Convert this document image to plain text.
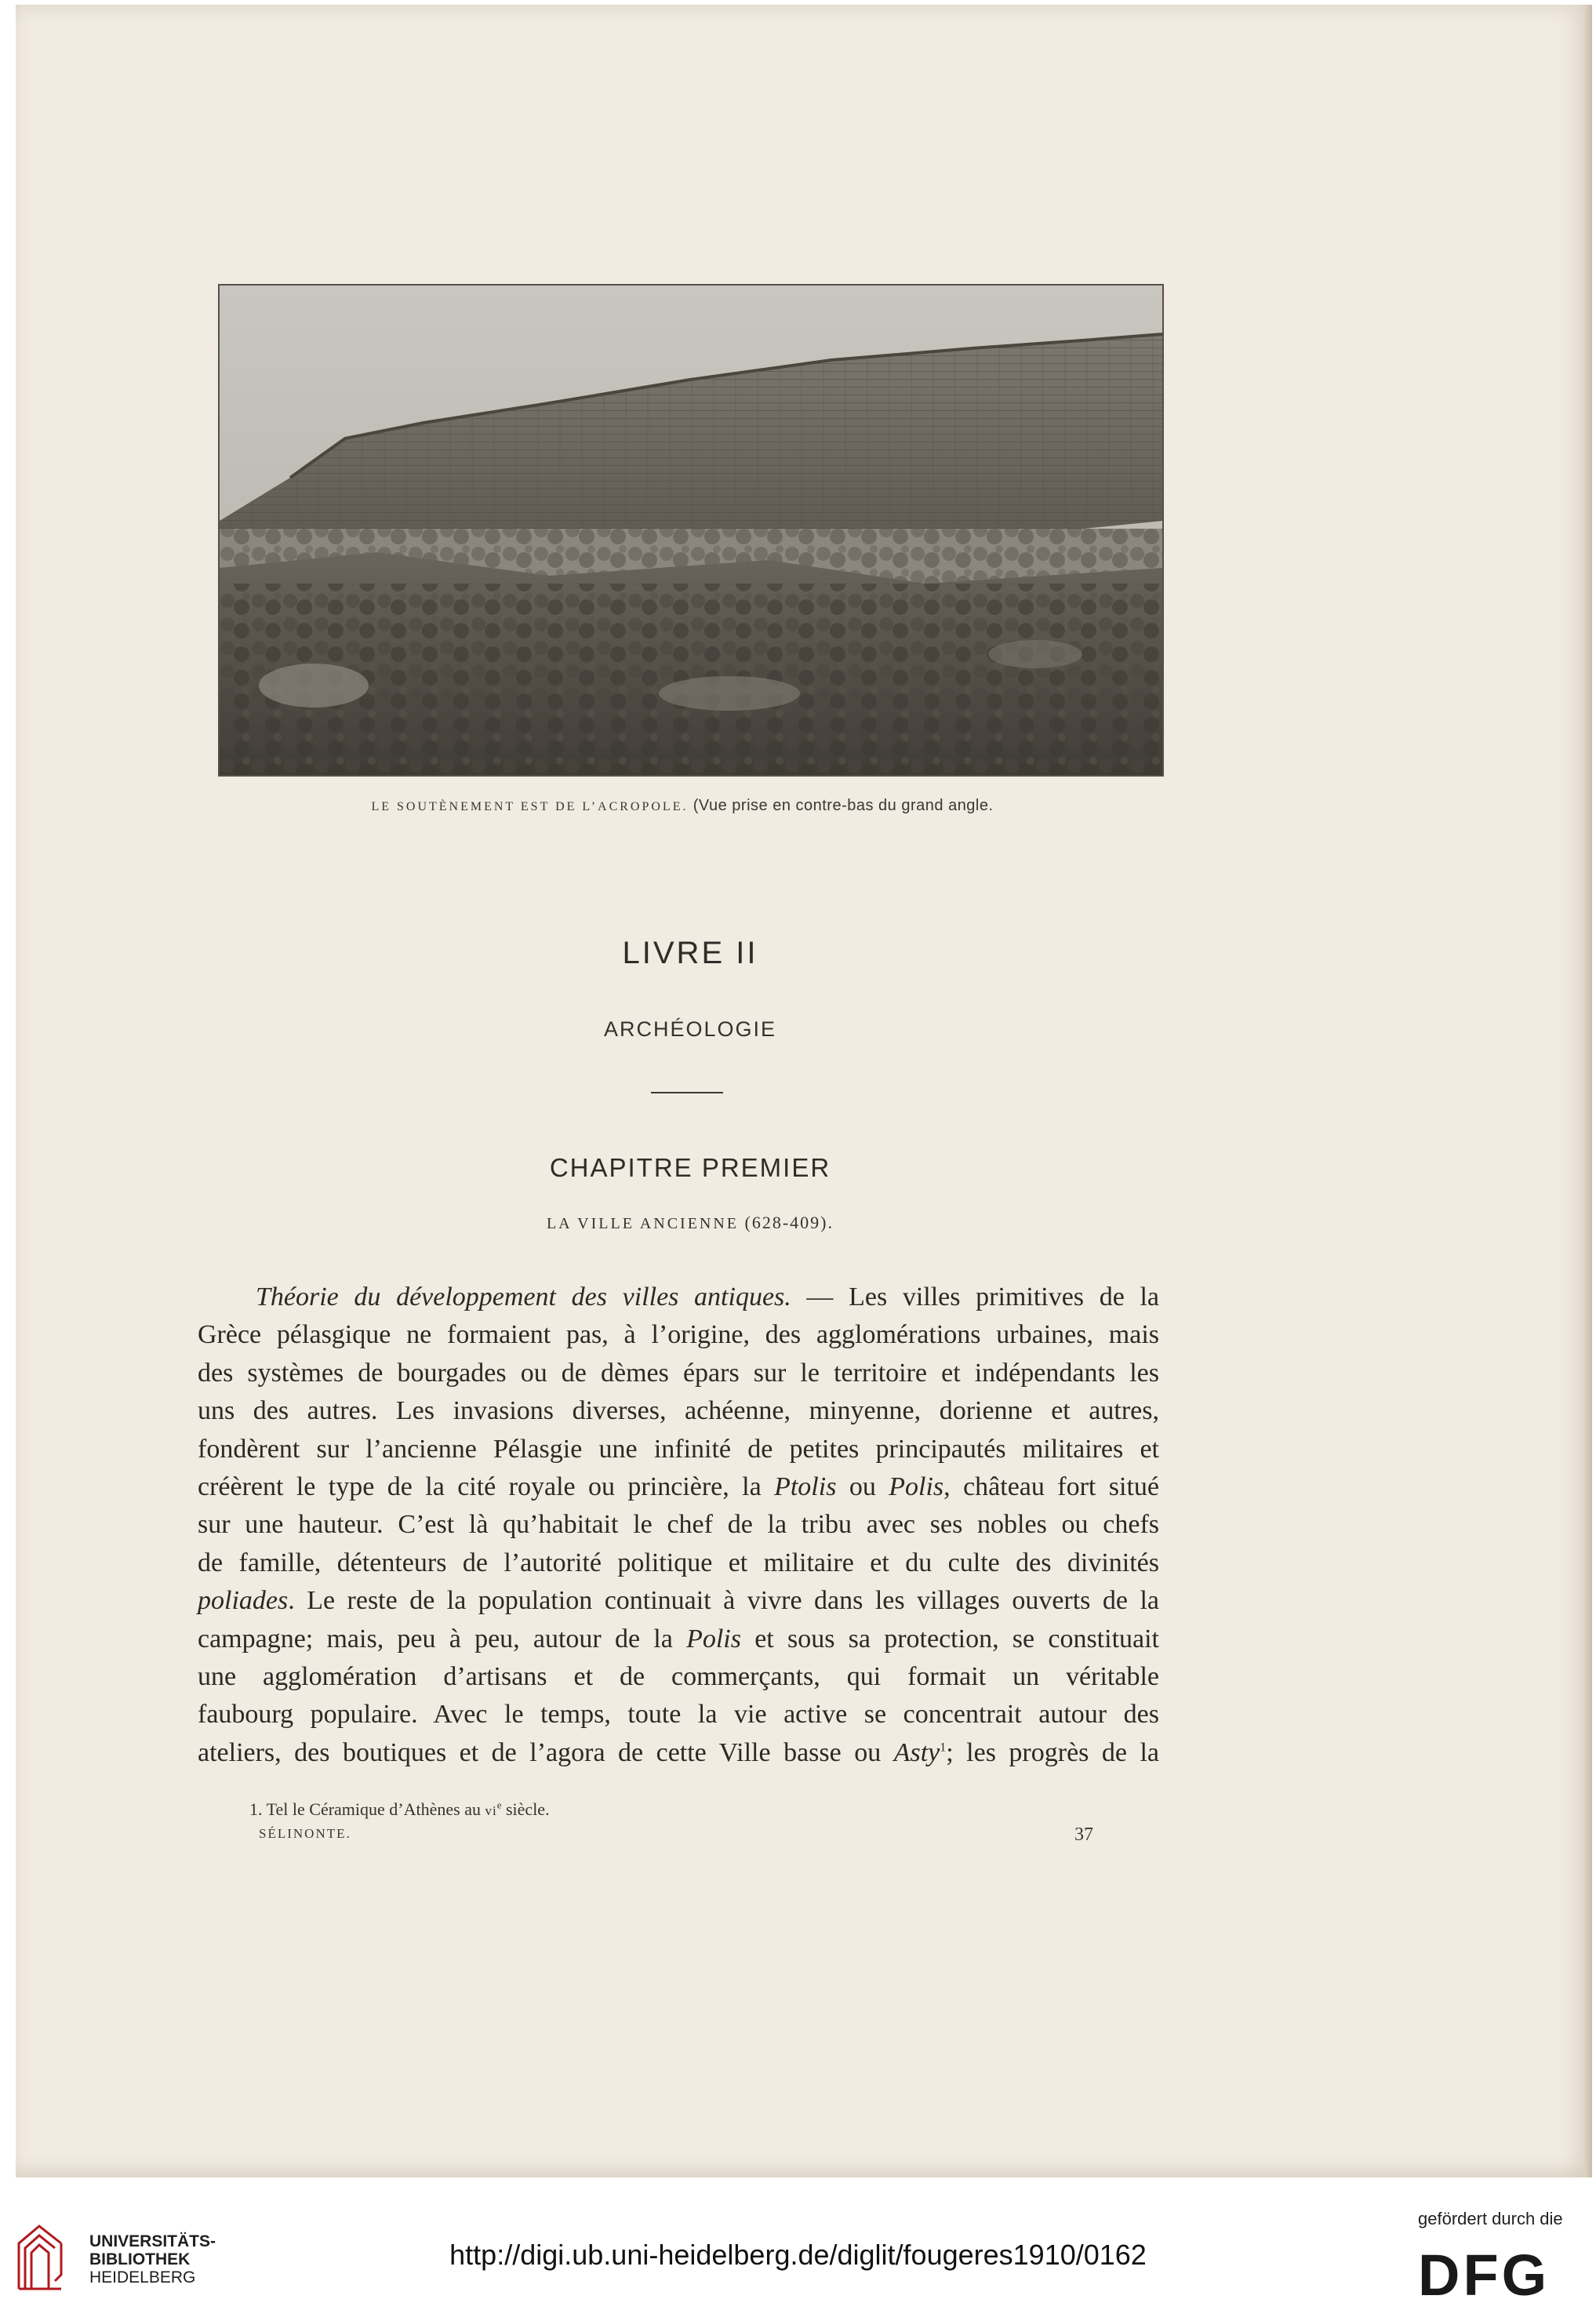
LE SOUTÈNEMENT EST DE L’ACROPOLE. (Vue prise en contre-bas du grand angle.
LIVRE II
ARCHÉOLOGIE
CHAPITRE PREMIER
LA VILLE ANCIENNE (628-409).
Théorie du développement des villes antiques. — Les villes primitives de la
Grèce pélasgique ne formaient pas, à l’origine, des agglomérations urbaines, mais
des systèmes de bourgades ou de dèmes épars sur le territoire et indépendants les
uns des autres. Les invasions diverses, achéenne, minyenne, dorienne et autres,
fondèrent sur l’ancienne Pélasgie une infinité de petites principautés militaires et
créèrent le type de la cité royale ou princière, la Ptolis ou Polis, château fort situé
sur une hauteur. C’est là qu’habitait le chef de la tribu avec ses nobles ou chefs
de famille, détenteurs de l’autorité politique et militaire et du culte des divinités
poliades. Le reste de la population continuait à vivre dans les villages ouverts de la
campagne; mais, peu à peu, autour de la Polis et sous sa protection, se constituait
une agglomération d’artisans et de commerçants, qui formait un véritable
faubourg populaire. Avec le temps, toute la vie active se concentrait autour des
ateliers, des boutiques et de l’agora de cette Ville basse ou Asty$^1$; les progrès de la
1. Tel le Céramique d’Athènes au $vi^e$ siècle.
SÉLINONTE.	37
UNIVERSITÄTS-
BIBLIOTHEK
HEIDELBERG
http://digi.ub.uni-heidelberg.de/diglit/fougeres1910/0162
gefördert durch die
DFG
